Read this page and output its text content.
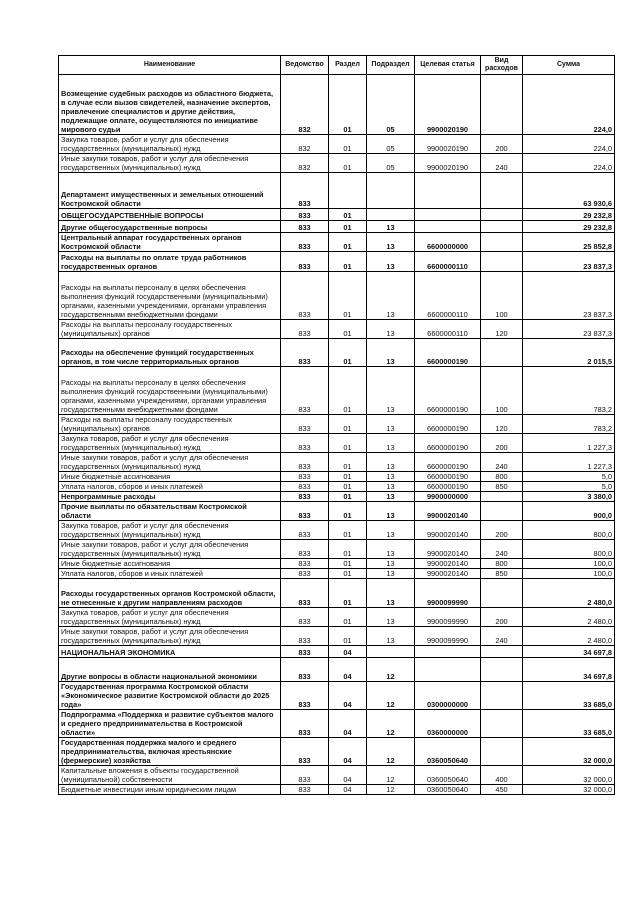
Наименование	Ведомство	Раздел	Подраздел	Целевая статья	Вид расходов	Сумма
Возмещение судебных расходов из областного бюджета, в случае если вызов свидетелей, назначение экспертов, привлечение специалистов и другие действия, подлежащие оплате, осуществляются по инициативе мирового судьи	832	01	05	9900020190		224,0
Закупка товаров, работ и услуг для обеспечения государственных (муниципальных) нужд	832	01	05	9900020190	200	224,0
Иные закупки товаров, работ и услуг для обеспечения государственных (муниципальных) нужд	832	01	05	9900020190	240	224,0
Департамент имущественных и земельных отношений Костромской области	833					63 930,6
ОБЩЕГОСУДАРСТВЕННЫЕ ВОПРОСЫ	833	01				29 232,8
Другие общегосударственные вопросы	833	01	13			29 232,8
Центральный аппарат государственных органов Костромской области	833	01	13	6600000000		25 852,8
Расходы на выплаты по оплате труда работников государственных органов	833	01	13	6600000110		23 837,3
Расходы на выплаты персоналу в целях обеспечения выполнения функций государственными (муниципальными) органами, казенными учреждениями, органами управления государственными внебюджетными фондами	833	01	13	6600000110	100	23 837,3
Расходы на выплаты персоналу государственных (муниципальных) органов	833	01	13	6600000110	120	23 837,3
Расходы на обеспечение функций государственных органов, в том числе территориальных органов	833	01	13	6600000190		2 015,5
Расходы на выплаты персоналу в целях обеспечения выполнения функций государственными (муниципальными) органами, казенными учреждениями, органами управления государственными внебюджетными фондами	833	01	13	6600000190	100	783,2
Расходы на выплаты персоналу государственных (муниципальных) органов	833	01	13	6600000190	120	783,2
Закупка товаров, работ и услуг для обеспечения государственных (муниципальных) нужд	833	01	13	6600000190	200	1 227,3
Иные закупки товаров, работ и услуг для обеспечения государственных (муниципальных) нужд	833	01	13	6600000190	240	1 227,3
Иные бюджетные ассигнования	833	01	13	6600000190	800	5,0
Уплата налогов, сборов и иных платежей	833	01	13	6600000190	850	5,0
Непрограммные расходы	833	01	13	9900000000		3 380,0
Прочие выплаты по обязательствам Костромской области	833	01	13	9900020140		900,0
Закупка товаров, работ и услуг для обеспечения государственных (муниципальных) нужд	833	01	13	9900020140	200	800,0
Иные закупки товаров, работ и услуг для обеспечения государственных (муниципальных) нужд	833	01	13	9900020140	240	800,0
Иные бюджетные ассигнования	833	01	13	9900020140	800	100,0
Уплата налогов, сборов и иных платежей	833	01	13	9900020140	850	100,0
Расходы государственных органов Костромской области, не отнесенные к другим направлениям расходов	833	01	13	9900099990		2 480,0
Закупка товаров, работ и услуг для обеспечения государственных (муниципальных) нужд	833	01	13	9900099990	200	2 480,0
Иные закупки товаров, работ и услуг для обеспечения государственных (муниципальных) нужд	833	01	13	9900099990	240	2 480,0
НАЦИОНАЛЬНАЯ ЭКОНОМИКА	833	04				34 697,8
Другие вопросы в области национальной экономики	833	04	12			34 697,8
Государственная программа Костромской области «Экономическое развитие Костромской области до 2025 года»	833	04	12	0300000000		33 685,0
Подпрограмма «Поддержка и развитие субъектов малого и среднего предпринимательства в Костромской области»	833	04	12	0360000000		33 685,0
Государственная поддержка малого и среднего предпринимательства, включая крестьянские (фермерские) хозяйства	833	04	12	0360050640		32 000,0
Капитальные вложения в объекты государственной (муниципальной) собственности	833	04	12	0360050640	400	32 000,0
Бюджетные инвестиции иным юридическим лицам	833	04	12	0360050640	450	32 000,0
